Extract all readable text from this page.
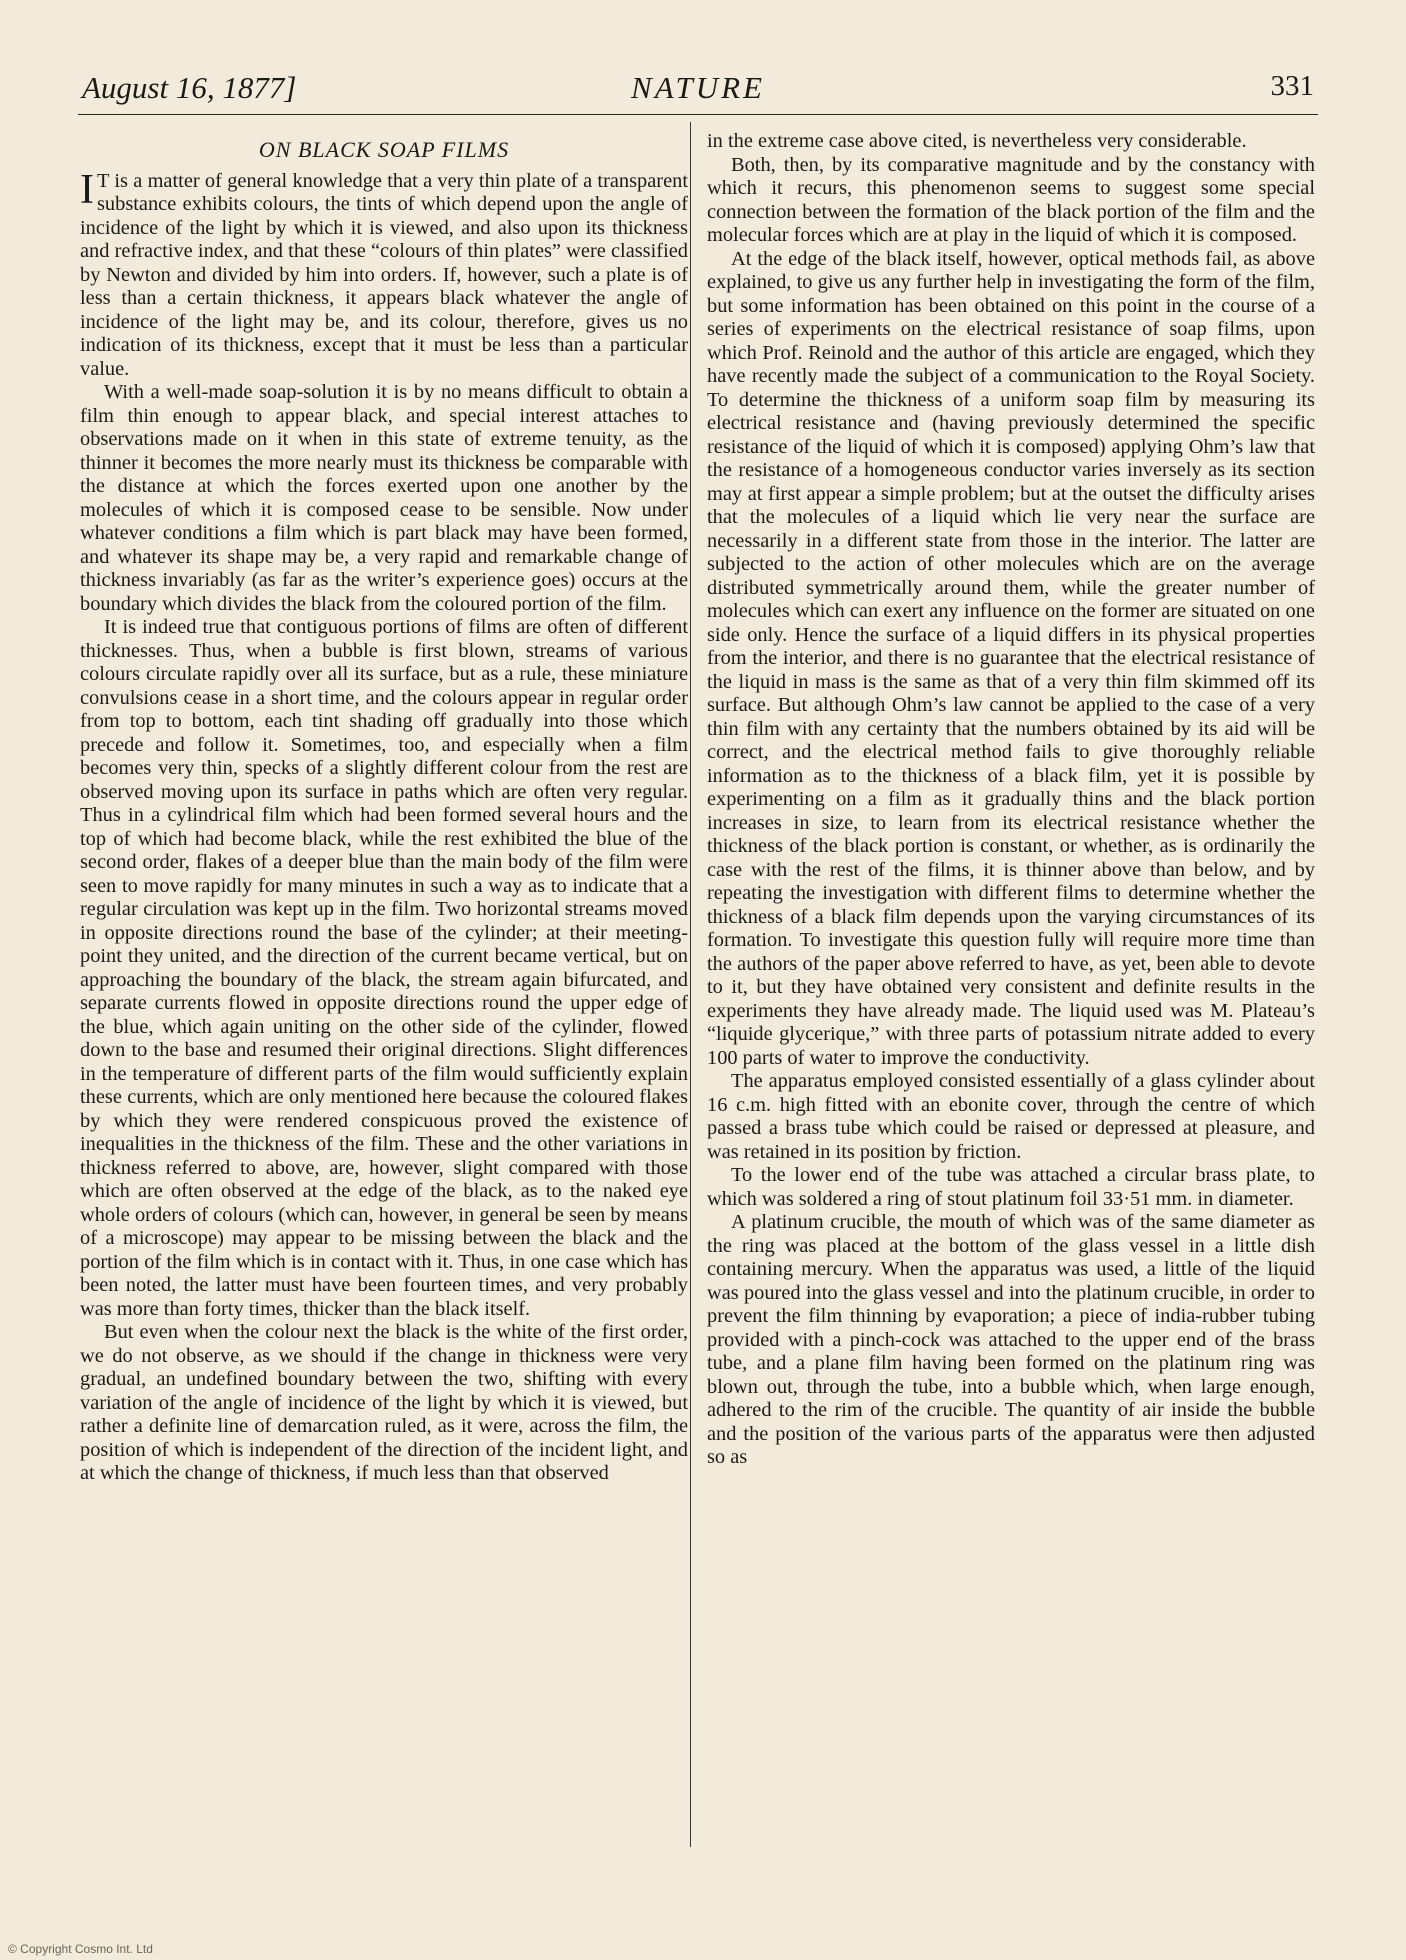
August 16, 1877]	NATURE	331
ON BLACK SOAP FILMS

IT is a matter of general knowledge that a very thin plate of a transparent substance exhibits colours, the tints of which depend upon the angle of incidence of the light by which it is viewed, and also upon its thickness and refractive index, and that these “colours of thin plates” were classified by Newton and divided by him into orders. If, however, such a plate is of less than a certain thickness, it appears black whatever the angle of incidence of the light may be, and its colour, therefore, gives us no indication of its thickness, except that it must be less than a particular value.

With a well-made soap-solution it is by no means difficult to obtain a film thin enough to appear black, and special interest attaches to observations made on it when in this state of extreme tenuity, as the thinner it becomes the more nearly must its thickness be comparable with the distance at which the forces exerted upon one another by the molecules of which it is composed cease to be sensible. Now under whatever conditions a film which is part black may have been formed, and whatever its shape may be, a very rapid and remarkable change of thickness invariably (as far as the writer’s experience goes) occurs at the boundary which divides the black from the coloured portion of the film.

It is indeed true that contiguous portions of films are often of different thicknesses. Thus, when a bubble is first blown, streams of various colours circulate rapidly over all its surface, but as a rule, these miniature convulsions cease in a short time, and the colours appear in regular order from top to bottom, each tint shading off gradually into those which precede and follow it. Sometimes, too, and especially when a film becomes very thin, specks of a slightly different colour from the rest are observed moving upon its surface in paths which are often very regular. Thus in a cylindrical film which had been formed several hours and the top of which had become black, while the rest exhibited the blue of the second order, flakes of a deeper blue than the main body of the film were seen to move rapidly for many minutes in such a way as to indicate that a regular circulation was kept up in the film. Two horizontal streams moved in opposite directions round the base of the cylinder; at their meeting-point they united, and the direction of the current became vertical, but on approaching the boundary of the black, the stream again bifurcated, and separate currents flowed in opposite directions round the upper edge of the blue, which again uniting on the other side of the cylinder, flowed down to the base and resumed their original directions. Slight differences in the temperature of different parts of the film would sufficiently explain these currents, which are only mentioned here because the coloured flakes by which they were rendered conspicuous proved the existence of inequalities in the thickness of the film. These and the other variations in thickness referred to above, are, however, slight compared with those which are often observed at the edge of the black, as to the naked eye whole orders of colours (which can, however, in general be seen by means of a microscope) may appear to be missing between the black and the portion of the film which is in contact with it. Thus, in one case which has been noted, the latter must have been fourteen times, and very probably was more than forty times, thicker than the black itself.

But even when the colour next the black is the white of the first order, we do not observe, as we should if the change in thickness were very gradual, an undefined boundary between the two, shifting with every variation of the angle of incidence of the light by which it is viewed, but rather a definite line of demarcation ruled, as it were, across the film, the position of which is independent of the direction of the incident light, and at which the change of thickness, if much less than that observed

in the extreme case above cited, is nevertheless very considerable.

Both, then, by its comparative magnitude and by the constancy with which it recurs, this phenomenon seems to suggest some special connection between the formation of the black portion of the film and the molecular forces which are at play in the liquid of which it is composed.

At the edge of the black itself, however, optical methods fail, as above explained, to give us any further help in investigating the form of the film, but some information has been obtained on this point in the course of a series of experiments on the electrical resistance of soap films, upon which Prof. Reinold and the author of this article are engaged, which they have recently made the subject of a communication to the Royal Society. To determine the thickness of a uniform soap film by measuring its electrical resistance and (having previously determined the specific resistance of the liquid of which it is composed) applying Ohm’s law that the resistance of a homogeneous conductor varies inversely as its section may at first appear a simple problem; but at the outset the difficulty arises that the molecules of a liquid which lie very near the surface are necessarily in a different state from those in the interior. The latter are subjected to the action of other molecules which are on the average distributed symmetrically around them, while the greater number of molecules which can exert any influence on the former are situated on one side only. Hence the surface of a liquid differs in its physical properties from the interior, and there is no guarantee that the electrical resistance of the liquid in mass is the same as that of a very thin film skimmed off its surface. But although Ohm’s law cannot be applied to the case of a very thin film with any certainty that the numbers obtained by its aid will be correct, and the electrical method fails to give thoroughly reliable information as to the thickness of a black film, yet it is possible by experimenting on a film as it gradually thins and the black portion increases in size, to learn from its electrical resistance whether the thickness of the black portion is constant, or whether, as is ordinarily the case with the rest of the films, it is thinner above than below, and by repeating the investigation with different films to determine whether the thickness of a black film depends upon the varying circumstances of its formation. To investigate this question fully will require more time than the authors of the paper above referred to have, as yet, been able to devote to it, but they have obtained very consistent and definite results in the experiments they have already made. The liquid used was M. Plateau’s “liquide glycerique,” with three parts of potassium nitrate added to every 100 parts of water to improve the conductivity.

The apparatus employed consisted essentially of a glass cylinder about 16 c.m. high fitted with an ebonite cover, through the centre of which passed a brass tube which could be raised or depressed at pleasure, and was retained in its position by friction.

To the lower end of the tube was attached a circular brass plate, to which was soldered a ring of stout platinum foil 33·51 mm. in diameter.

A platinum crucible, the mouth of which was of the same diameter as the ring was placed at the bottom of the glass vessel in a little dish containing mercury. When the apparatus was used, a little of the liquid was poured into the glass vessel and into the platinum crucible, in order to prevent the film thinning by evaporation; a piece of india-rubber tubing provided with a pinch-cock was attached to the upper end of the brass tube, and a plane film having been formed on the platinum ring was blown out, through the tube, into a bubble which, when large enough, adhered to the rim of the crucible. The quantity of air inside the bubble and the position of the various parts of the apparatus were then adjusted so as

© Copyright Cosmo Int. Ltd
